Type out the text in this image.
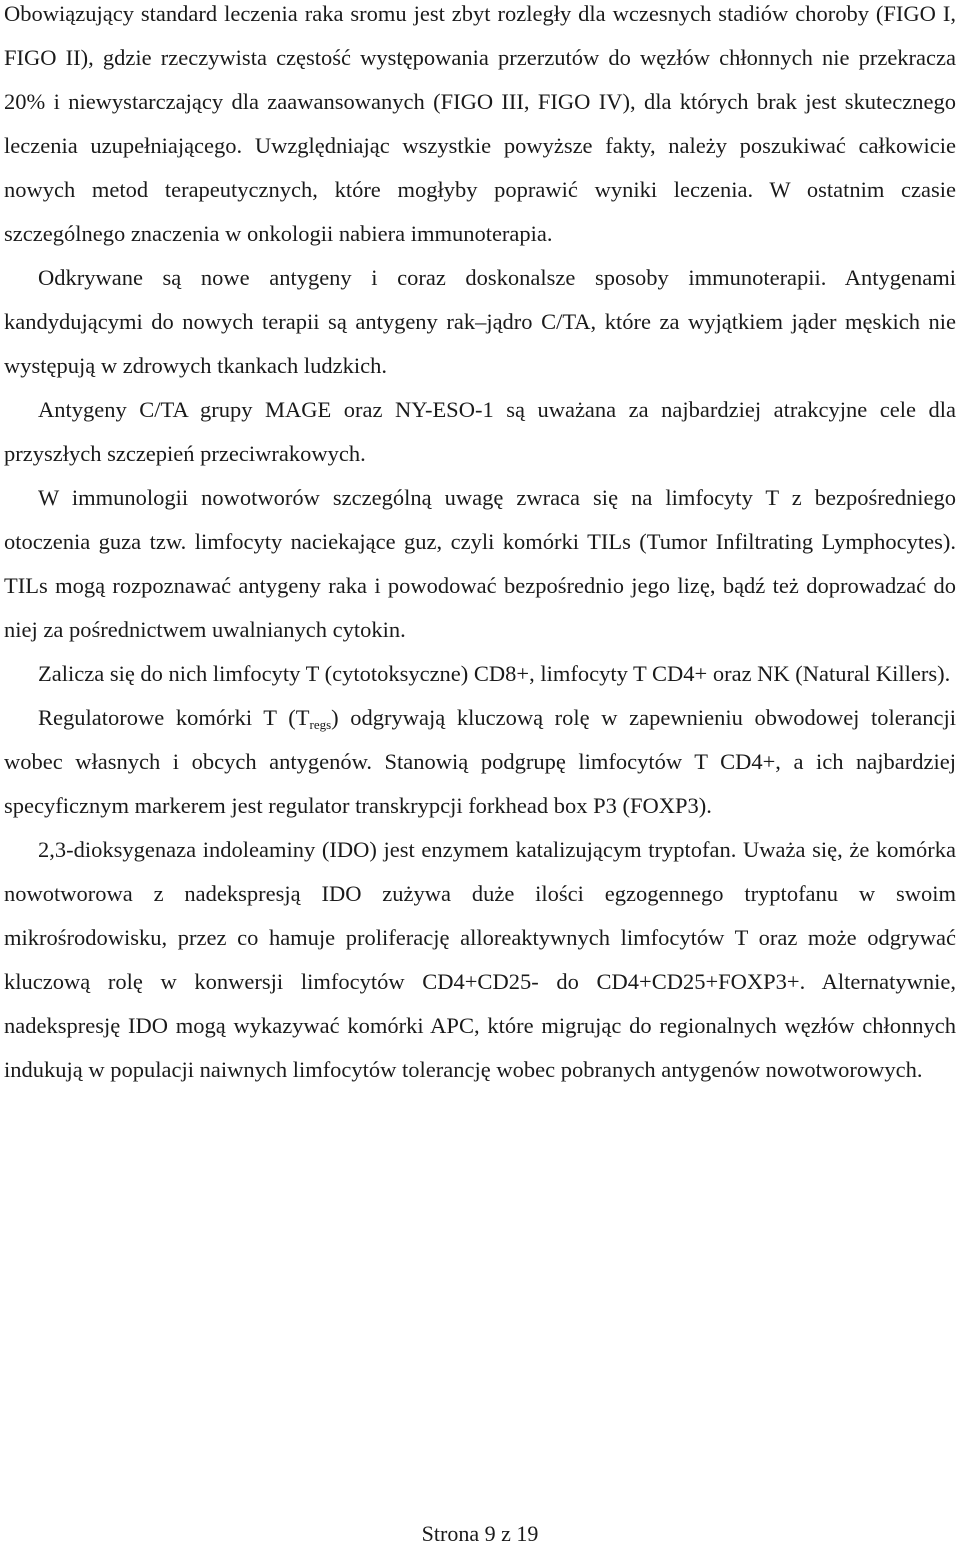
Obowiązujący standard leczenia raka sromu jest zbyt rozległy dla wczesnych stadiów choroby (FIGO I, FIGO II), gdzie rzeczywista częstość występowania przerzutów do węzłów chłonnych nie przekracza 20% i niewystarczający dla zaawansowanych (FIGO III, FIGO IV), dla których brak jest skutecznego leczenia uzupełniającego. Uwzględniając wszystkie powyższe fakty, należy poszukiwać całkowicie nowych metod terapeutycznych, które mogłyby poprawić wyniki leczenia. W ostatnim czasie szczególnego znaczenia w onkologii nabiera immunoterapia.

Odkrywane są nowe antygeny i coraz doskonalsze sposoby immunoterapii. Antygenami kandydującymi do nowych terapii są antygeny rak–jądro C/TA, które za wyjątkiem jąder męskich nie występują w zdrowych tkankach ludzkich.

Antygeny C/TA grupy MAGE oraz NY-ESO-1 są uważana za najbardziej atrakcyjne cele dla przyszłych szczepień przeciwrakowych.

W immunologii nowotworów szczególną uwagę zwraca się na limfocyty T z bezpośredniego otoczenia guza tzw. limfocyty naciekające guz, czyli komórki TILs (Tumor Infiltrating Lymphocytes). TILs mogą rozpoznawać antygeny raka i powodować bezpośrednio jego lizę, bądź też doprowadzać do niej za pośrednictwem uwalnianych cytokin.

Zalicza się do nich limfocyty T (cytotoksyczne) CD8+, limfocyty T CD4+ oraz NK (Natural Killers).

Regulatorowe komórki T $(T_{regs})$ odgrywają kluczową rolę w zapewnieniu obwodowej tolerancji wobec własnych i obcych antygenów. Stanowią podgrupę limfocytów T CD4+, a ich najbardziej specyficznym markerem jest regulator transkrypcji forkhead box P3 (FOXP3).

2,3-dioksygenaza indoleaminy (IDO) jest enzymem katalizującym tryptofan. Uważa się, że komórka nowotworowa z nadekspresją IDO zużywa duże ilości egzogennego tryptofanu w swoim mikrośrodowisku, przez co hamuje proliferację alloreaktywnych limfocytów T oraz może odgrywać kluczową rolę w konwersji limfocytów CD4+CD25- do CD4+CD25+FOXP3+. Alternatywnie, nadekspresję IDO mogą wykazywać komórki APC, które migrując do regionalnych węzłów chłonnych indukują w populacji naiwnych limfocytów tolerancję wobec pobranych antygenów nowotworowych.

Strona 9 z 19
